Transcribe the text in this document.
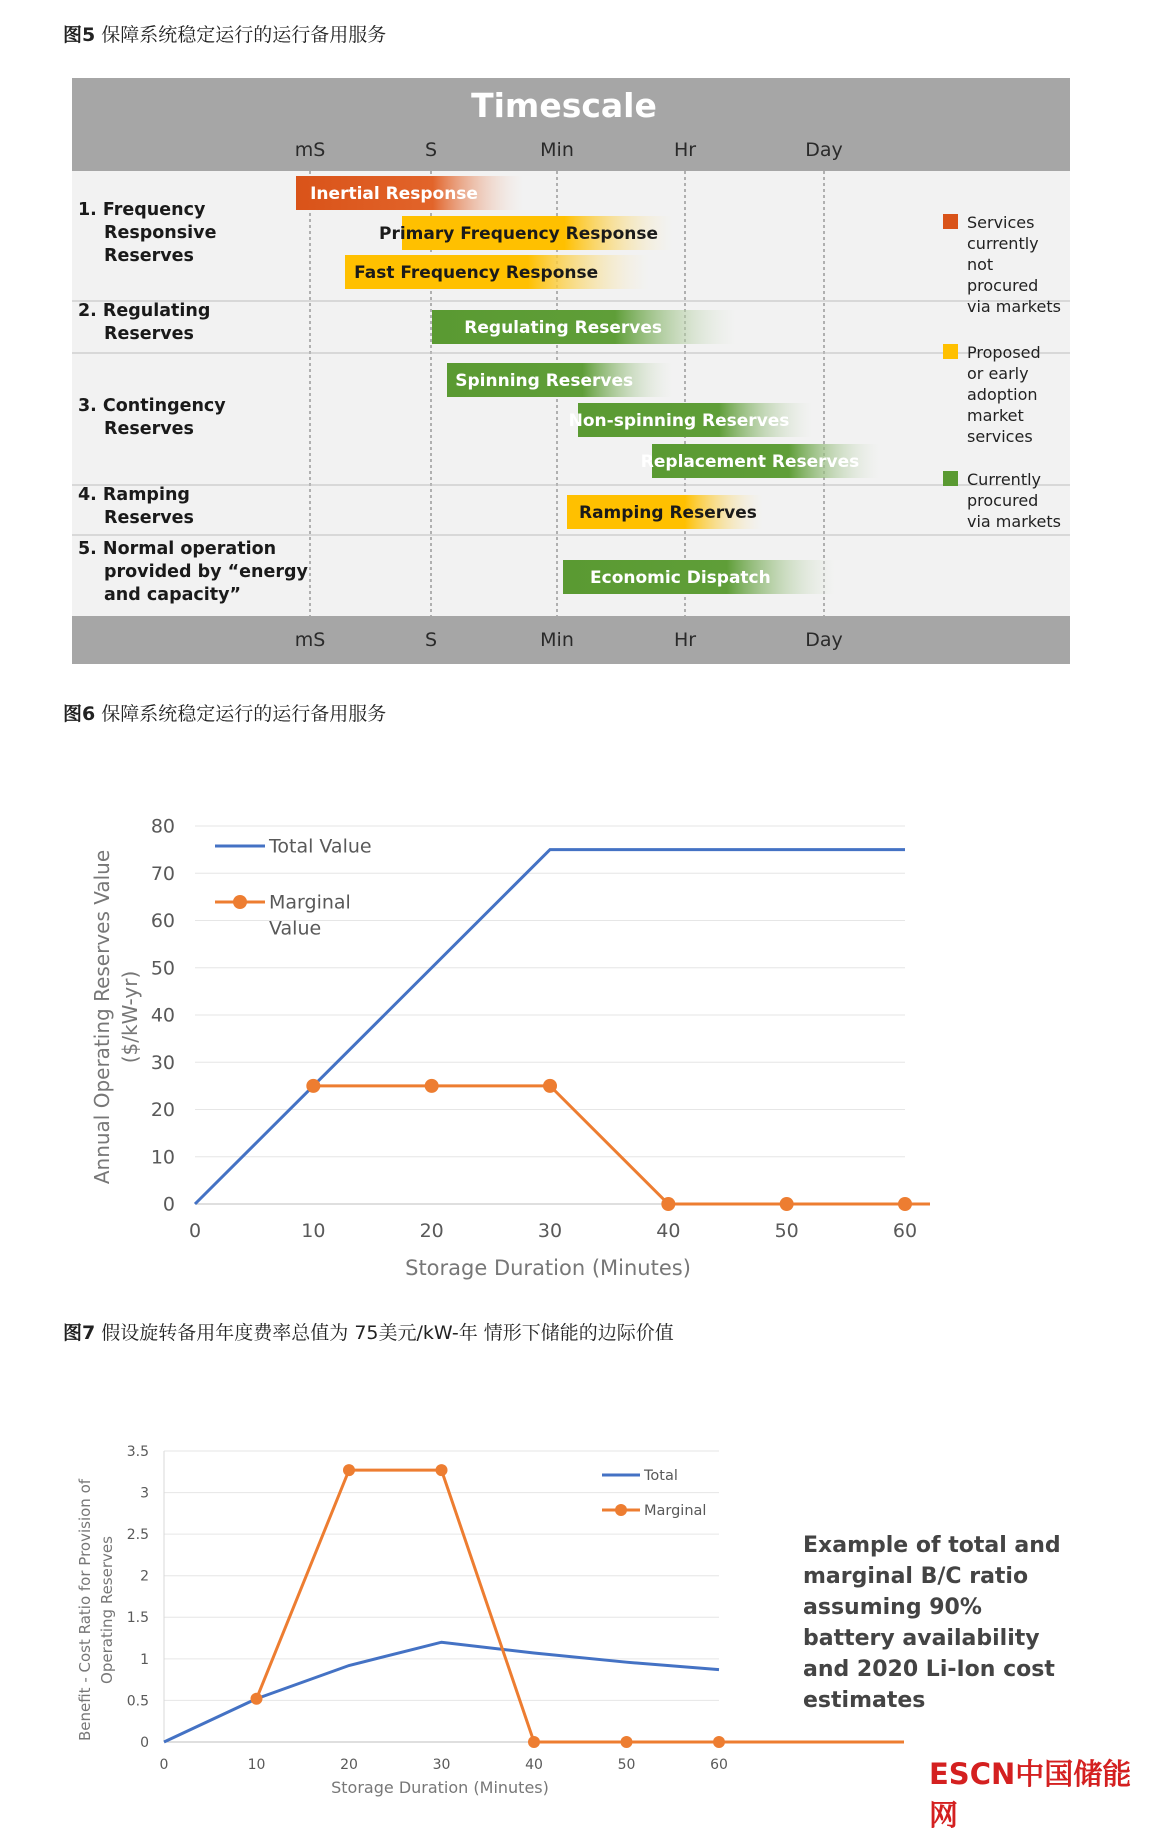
图5 保障系统稳定运行的运行备用服务
图6 保障系统稳定运行的运行备用服务
图7 假设旋转备用年度费率总值为 75美元/kW-年 情形下储能的边际价值
Timescale
mS	S	Min	Hr	Day
mS	S	Min	Hr	Day
1. Frequency Responsive Reserves
2. Regulating Reserves
3. Contingency Reserves
4. Ramping Reserves
5. Normal operation provided by “energy and capacity”
Inertial Response
Primary Frequency Response
Fast Frequency Response
Regulating Reserves
Spinning Reserves
Non-spinning Reserves
Replacement Reserves
Ramping Reserves
Economic Dispatch
Services currently not procured via markets
Proposed or early adoption market services
Currently procured via markets
0
10
20
30
40
50
60
70
80
0	10	20	30	40	50	60
Total Value
Marginal Value
Storage Duration (Minutes)
Annual Operating Reserves Value ($/kW-yr)
0
0.5
1
1.5
2
2.5
3
3.5
0	10	20	30	40	50	60
Total
Marginal
Storage Duration (Minutes)
Benefit - Cost Ratio for Provision of Operating Reserves	Example of total and marginal B/C ratio assuming 90% battery availability and 2020 Li-Ion cost estimates
ESCN中国储能网
